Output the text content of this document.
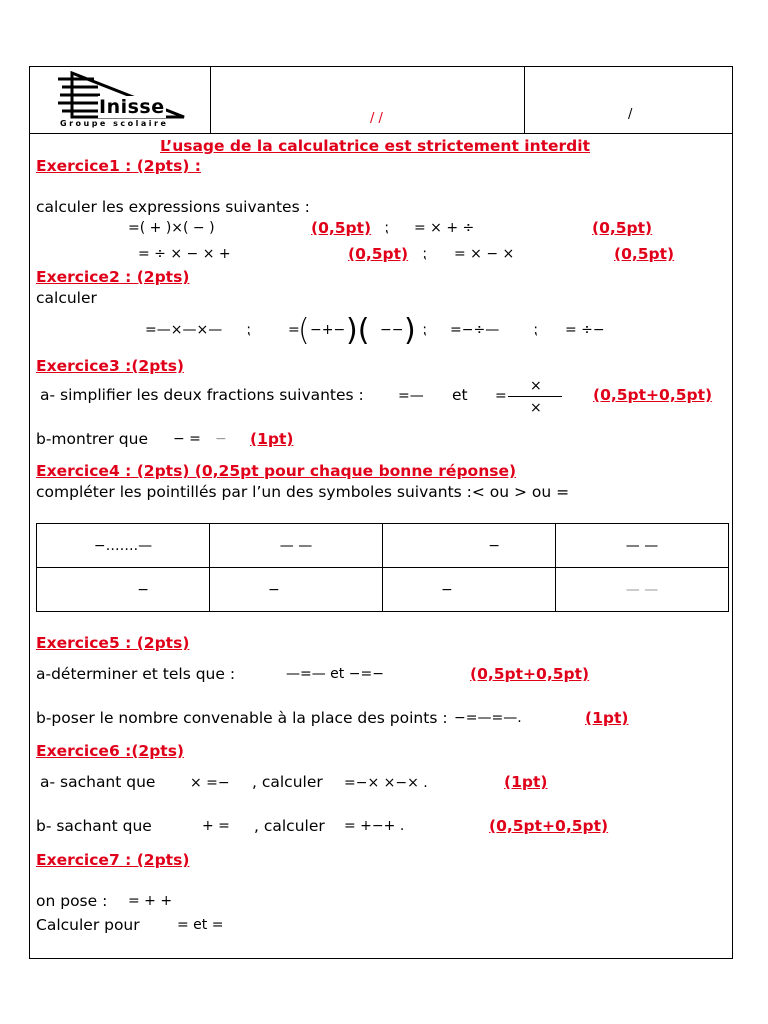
Inisse
Groupe scolaire	/ /	/
L’usage de la calculatrice est strictement interdit
Exercice1 : (2pts) :
calculer les expressions suivantes :
=( + )×( − )	(0,5pt) ⁏ = × + ÷	(0,5pt)
= ÷ × − × +	(0,5pt) ⁏ = × − ×	(0,5pt)
Exercice2 : (2pts)
calculer
=—×—×— ⁏	=
( −+− )( −− ) ⁏ =−÷— ⁏ = ÷−
Exercice3 :(2pts)
a- simplifier les deux fractions suivantes : =— et =
×
×
(0,5pt+0,5pt)
b-montrer que − = − (1pt)
Exercice4 : (2pts) (0,25pt pour chaque bonne réponse)
compléter les pointillés par l’un des symboles suivants :< ou > ou =
−…….—	— —	−	— —
−	−	−	— —
Exercice5 : (2pts)
a-déterminer et tels que :	—=— et −=−	(0,5pt+0,5pt)
b-poser le nombre convenable à la place des points : −=—=—.	(1pt)
Exercice6 :(2pts)
a- sachant que × =− , calculer =−× ×−× .	(1pt)
b- sachant que	+ = , calculer = +−+ .	(0,5pt+0,5pt)
Exercice7 : (2pts)
on pose : = + +
Calculer pour	= et =
